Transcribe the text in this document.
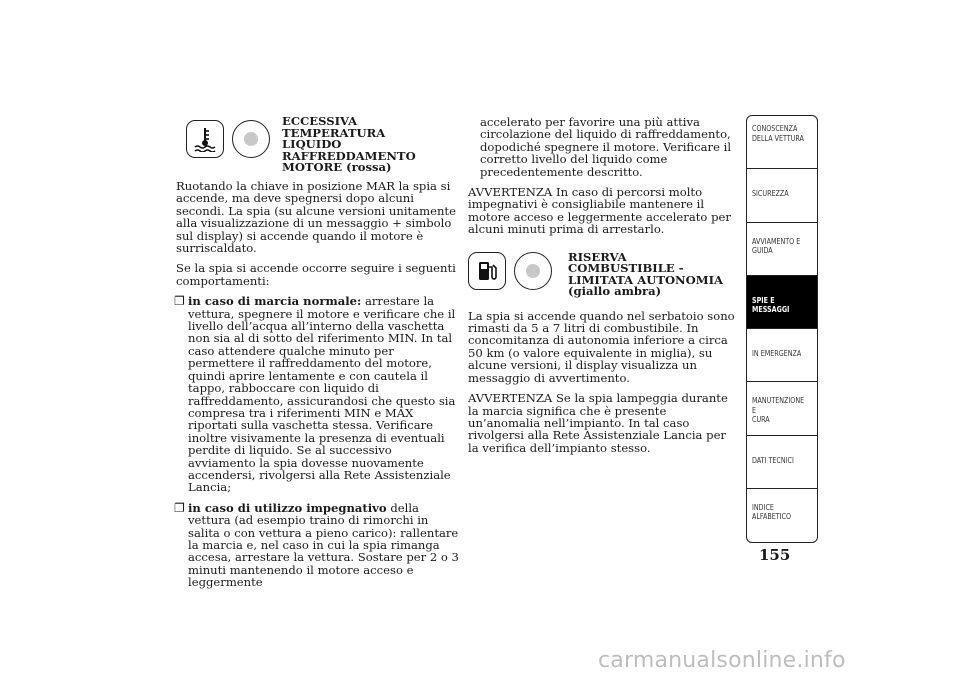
ECCESSIVA TEMPERATURA
LIQUIDO
RAFFREDDAMENTO
MOTORE (rossa)

Ruotando la chiave in posizione MAR la spia si accende, ma deve spegnersi dopo alcuni secondi. La spia (su alcune versioni unitamente alla visualizzazione di un messaggio + simbolo sul display) si accende quando il motore è surriscaldato.

Se la spia si accende occorre seguire i seguenti comportamenti:

❐ in caso di marcia normale: arrestare la vettura, spegnere il motore e verificare che il livello dell’acqua all’interno della vaschetta non sia al di sotto del riferimento MIN. In tal caso attendere qualche minuto per permettere il raffreddamento del motore, quindi aprire lentamente e con cautela il tappo, rabboccare con liquido di raffreddamento, assicurandosi che questo sia compresa tra i riferimenti MIN e MAX riportati sulla vaschetta stessa. Verificare inoltre visivamente la presenza di eventuali perdite di liquido. Se al successivo avviamento la spia dovesse nuovamente accendersi, rivolgersi alla Rete Assistenziale Lancia;
❐ in caso di utilizzo impegnativo della vettura (ad esempio traino di rimorchi in salita o con vettura a pieno carico): rallentare la marcia e, nel caso in cui la spia rimanga accesa, arrestare la vettura. Sostare per 2 o 3 minuti mantenendo il motore acceso e leggermente

accelerato per favorire una più attiva circolazione del liquido di raffreddamento, dopodiché spegnere il motore. Verificare il corretto livello del liquido come precedentemente descritto.

AVVERTENZA In caso di percorsi molto impegnativi è consigliabile mantenere il motore acceso e leggermente accelerato per alcuni minuti prima di arrestarlo.

RISERVA COMBUSTIBILE -
LIMITATA AUTONOMIA
(giallo ambra)

La spia si accende quando nel serbatoio sono rimasti da 5 a 7 litri di combustibile. In concomitanza di autonomia inferiore a circa 50 km (o valore equivalente in miglia), su alcune versioni, il display visualizza un messaggio di avvertimento.

AVVERTENZA Se la spia lampeggia durante la marcia significa che è presente un’anomalia nell’impianto. In tal caso rivolgersi alla Rete Assistenziale Lancia per la verifica dell’impianto stesso.

CONOSCENZA
DELLA VETTURA
SICUREZZA
AVVIAMENTO E
GUIDA
SPIE E MESSAGGI
IN EMERGENZA
MANUTENZIONE E
CURA
DATI TECNICI
INDICE
ALFABETICO
155
carmanualsonline.info
